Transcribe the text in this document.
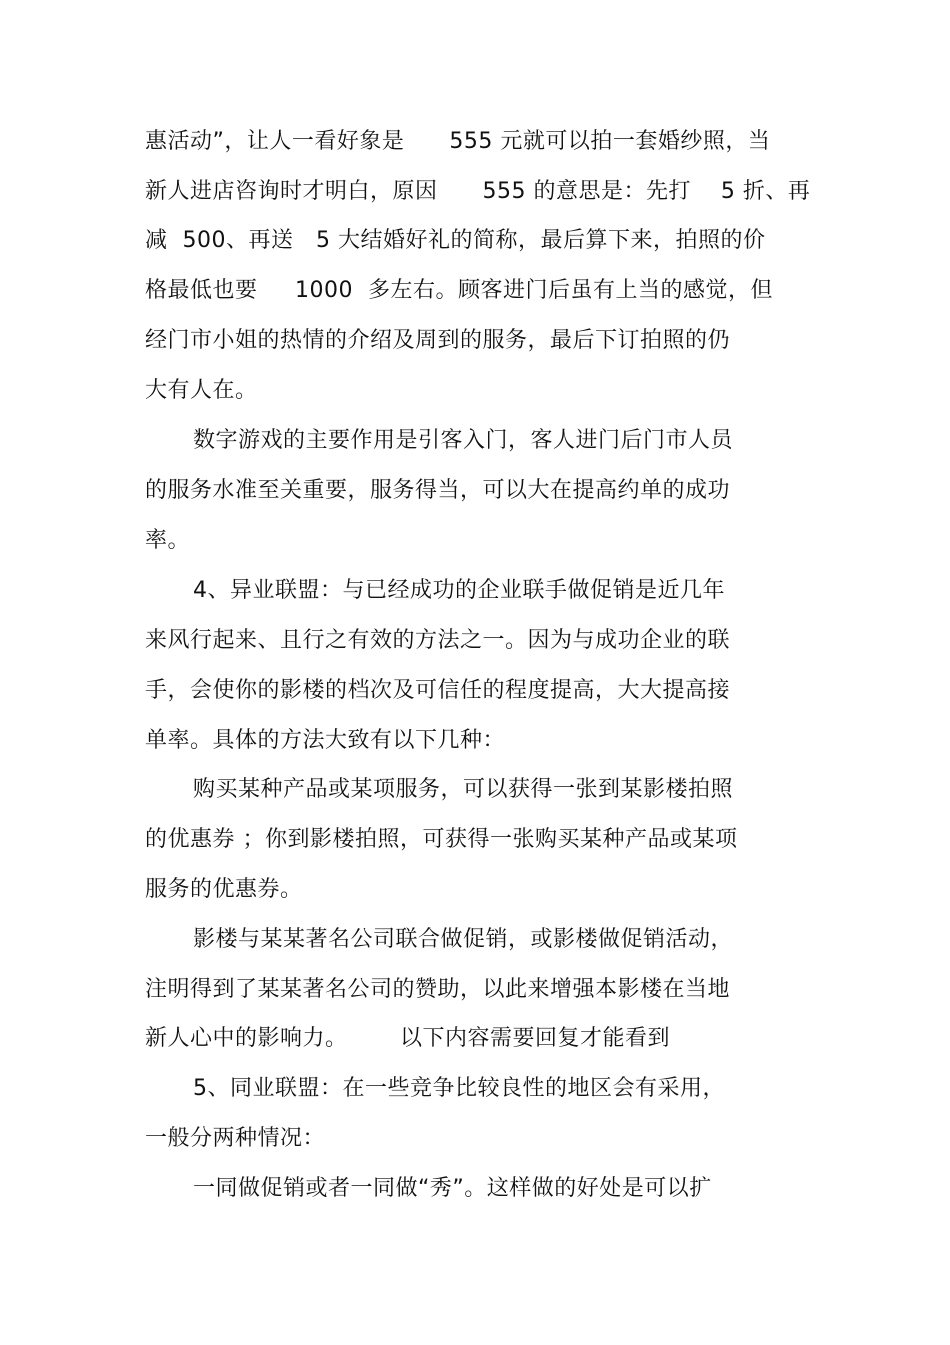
惠活动”，让人一看好象是      555 元就可以拍一套婚纱照，当
新人进店咨询时才明白，原因      555 的意思是：先打    5 折、再
减  500、再送   5 大结婚好礼的简称，最后算下来，拍照的价
格最低也要     1000  多左右。顾客进门后虽有上当的感觉，但
经门市小姐的热情的介绍及周到的服务，最后下订拍照的仍
大有人在。
数字游戏的主要作用是引客入门，客人进门后门市人员
的服务水准至关重要，服务得当，可以大在提高约单的成功
率。
4、异业联盟：与已经成功的企业联手做促销是近几年
来风行起来、且行之有效的方法之一。因为与成功企业的联
手，会使你的影楼的档次及可信任的程度提高，大大提高接
单率。具体的方法大致有以下几种：
购买某种产品或某项服务，可以获得一张到某影楼拍照
的优惠券 ；你到影楼拍照，可获得一张购买某种产品或某项
服务的优惠券。
影楼与某某著名公司联合做促销，或影楼做促销活动，
注明得到了某某著名公司的赞助，以此来增强本影楼在当地
新人心中的影响力。       以下内容需要回复才能看到
5、同业联盟：在一些竞争比较良性的地区会有采用，
一般分两种情况：
一同做促销或者一同做“秀”。这样做的好处是可以扩
